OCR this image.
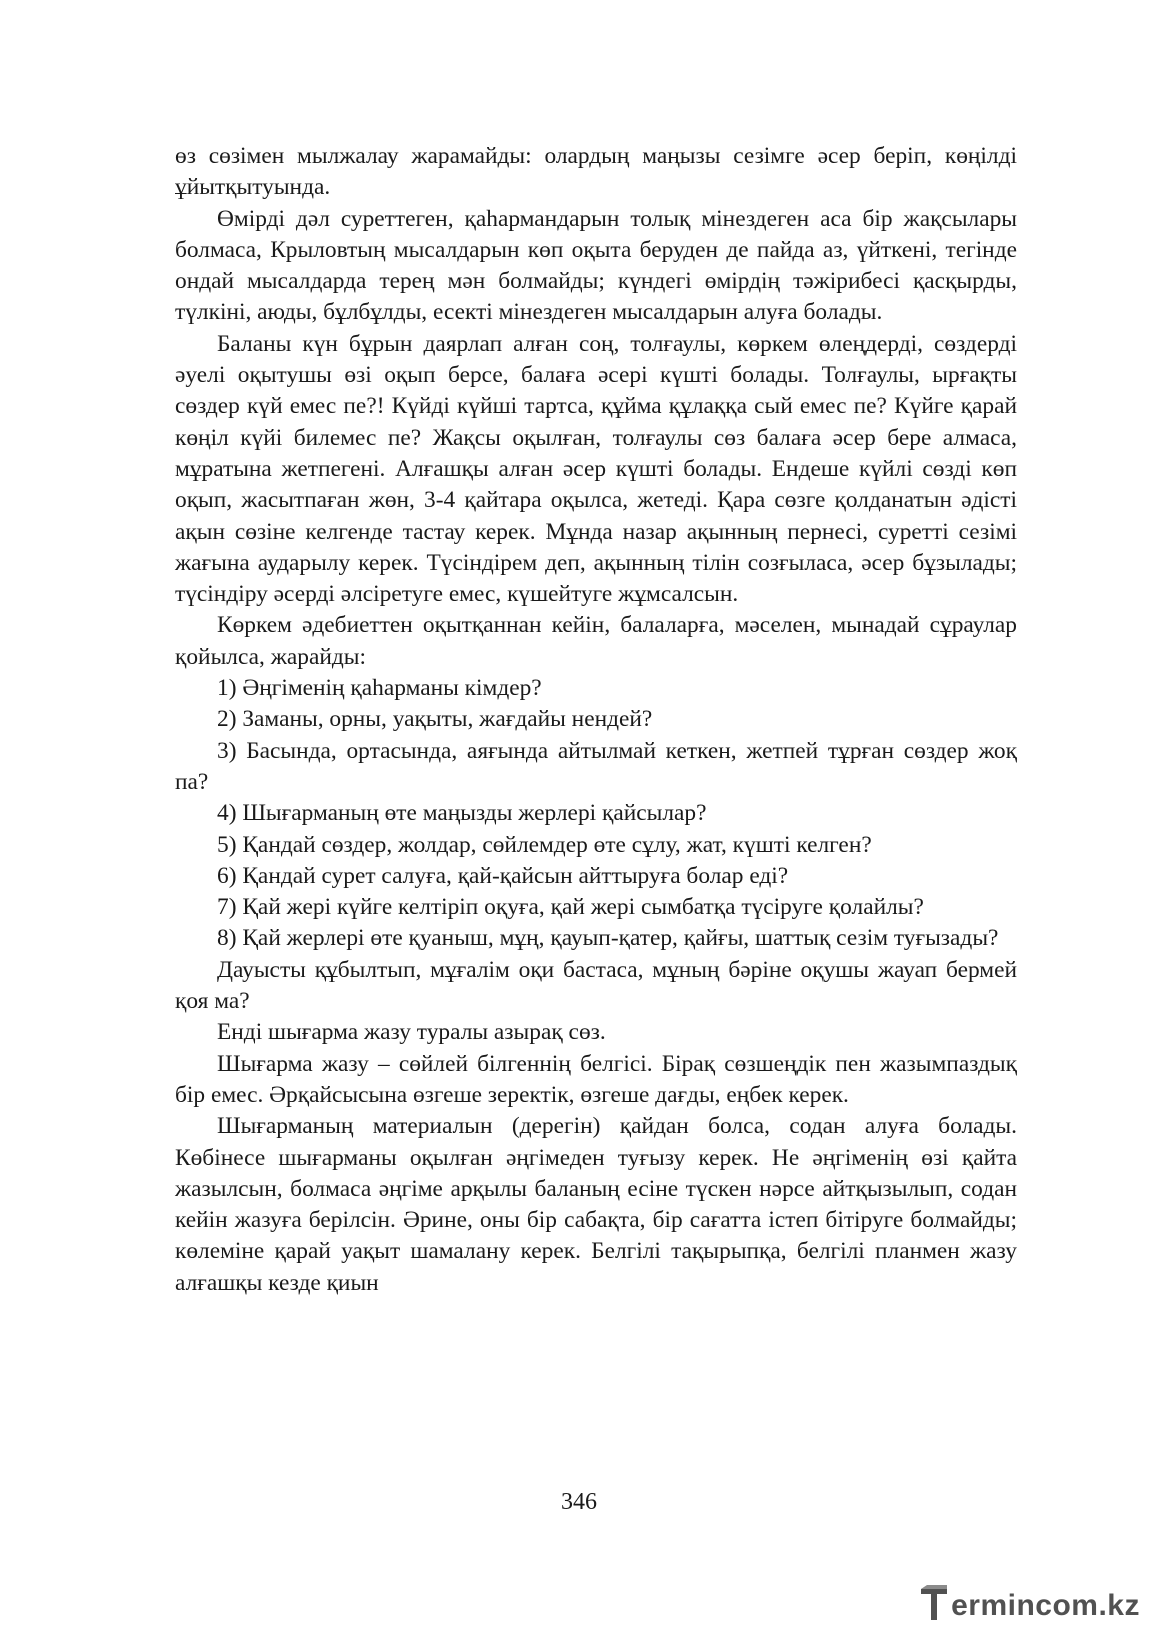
өз сөзімен мылжалау жарамайды: олардың маңызы сезімге әсер беріп, көңілді ұйытқытуында.

Өмірді дәл суреттеген, қаһармандарын толық мінездеген аса бір жақсылары болмаса, Крыловтың мысалдарын көп оқыта беруден де пайда аз, үйткені, тегінде ондай мысалдарда терең мән болмайды; күндегі өмірдің тәжірибесі қасқырды, түлкіні, аюды, бұлбұлды, есекті мінездеген мысалдарын алуға болады.

Баланы күн бұрын даярлап алған соң, толғаулы, көркем өлеңдерді, сөздерді әуелі оқытушы өзі оқып берсе, балаға әсері күшті болады. Толғаулы, ырғақты сөздер күй емес пе?! Күйді күйші тартса, құйма құлаққа сый емес пе? Күйге қарай көңіл күйі билемес пе? Жақсы оқылған, толғаулы сөз балаға әсер бере алмаса, мұратына жетпегені. Алғашқы алған әсер күшті болады. Ендеше күйлі сөзді көп оқып, жасытпаған жөн, 3-4 қайтара оқылса, жетеді. Қара сөзге қолданатын әдісті ақын сөзіне келгенде тастау керек. Мұнда назар ақынның пернесі, суретті сезімі жағына аударылу керек. Түсіндірем деп, ақынның тілін созғыласа, әсер бұзылады; түсіндіру әсерді әлсіретуге емес, күшейтуге жұмсалсын.

Көркем әдебиеттен оқытқаннан кейін, балаларға, мәселен, мынадай сұраулар қойылса, жарайды:

1) Әңгіменің қаһарманы кімдер?

2) Заманы, орны, уақыты, жағдайы нендей?

3) Басында, ортасында, аяғында айтылмай кеткен, жетпей тұрған сөздер жоқ па?

4) Шығарманың өте маңызды жерлері қайсылар?

5) Қандай сөздер, жолдар, сөйлемдер өте сұлу, жат, күшті келген?

6) Қандай сурет салуға, қай-қайсын айттыруға болар еді?

7) Қай жері күйге келтіріп оқуға, қай жері сымбатқа түсіруге қолайлы?

8) Қай жерлері өте қуаныш, мұң, қауып-қатер, қайғы, шаттық сезім туғызады?

Дауысты құбылтып, мұғалім оқи бастаса, мұның бәріне оқушы жауап бермей қоя ма?

Енді шығарма жазу туралы азырақ сөз.

Шығарма жазу – сөйлей білгеннің белгісі. Бірақ сөзшеңдік пен жазымпаздық бір емес. Әрқайсысына өзгеше зеректік, өзгеше дағды, еңбек керек.

Шығарманың материалын (дерегін) қайдан болса, содан алуға болады. Көбінесе шығарманы оқылған әңгімеден туғызу керек. Не әңгіменің өзі қайта жазылсын, болмаса әңгіме арқылы баланың есіне түскен нәрсе айтқызылып, содан кейін жазуға берілсін. Әрине, оны бір сабақта, бір сағатта істеп бітіруге болмайды; көлеміне қарай уақыт шамалану керек. Белгілі тақырыпқа, белгілі планмен жазу алғашқы кезде қиын

346
ermincom.kz
